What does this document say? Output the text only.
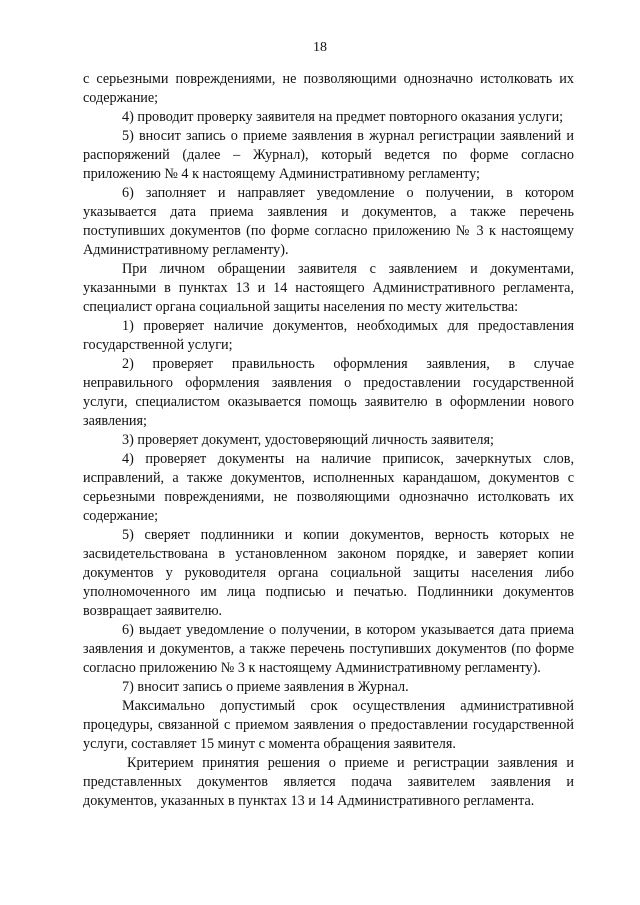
18

с серьезными повреждениями, не позволяющими однозначно истолковать их содержание;

4) проводит проверку заявителя на предмет повторного оказания услуги;

5) вносит запись о приеме заявления в журнал регистрации заявлений и распоряжений (далее – Журнал), который ведется по форме согласно приложению № 4 к настоящему Административному регламенту;

6) заполняет и направляет уведомление о получении, в котором указывается дата приема заявления и документов, а также перечень поступивших документов (по форме согласно приложению № 3 к настоящему Административному регламенту).

При личном обращении заявителя с заявлением и документами, указанными в пунктах 13 и 14 настоящего Административного регламента, специалист органа социальной защиты населения по месту жительства:

1) проверяет наличие документов, необходимых для предоставления государственной услуги;

2) проверяет правильность оформления заявления, в случае неправильного оформления заявления о предоставлении государственной услуги, специалистом оказывается помощь заявителю в оформлении нового заявления;

3) проверяет документ, удостоверяющий личность заявителя;

4) проверяет документы на наличие приписок, зачеркнутых слов, исправлений, а также документов, исполненных карандашом, документов с серьезными повреждениями, не позволяющими однозначно истолковать их содержание;

5) сверяет подлинники и копии документов, верность которых не засвидетельствована в установленном законом порядке, и заверяет копии документов у руководителя органа социальной защиты населения либо уполномоченного им лица подписью и печатью. Подлинники документов возвращает заявителю.

6) выдает уведомление о получении, в котором указывается дата приема заявления и документов, а также перечень поступивших документов (по форме согласно приложению № 3 к настоящему Административному регламенту).

7) вносит запись о приеме заявления в Журнал.

Максимально допустимый срок осуществления административной процедуры, связанной с приемом заявления о предоставлении государственной услуги, составляет 15 минут с момента обращения заявителя.

Критерием принятия решения о приеме и регистрации заявления и представленных документов является подача заявителем заявления и документов, указанных в пунктах 13 и 14 Административного регламента.
